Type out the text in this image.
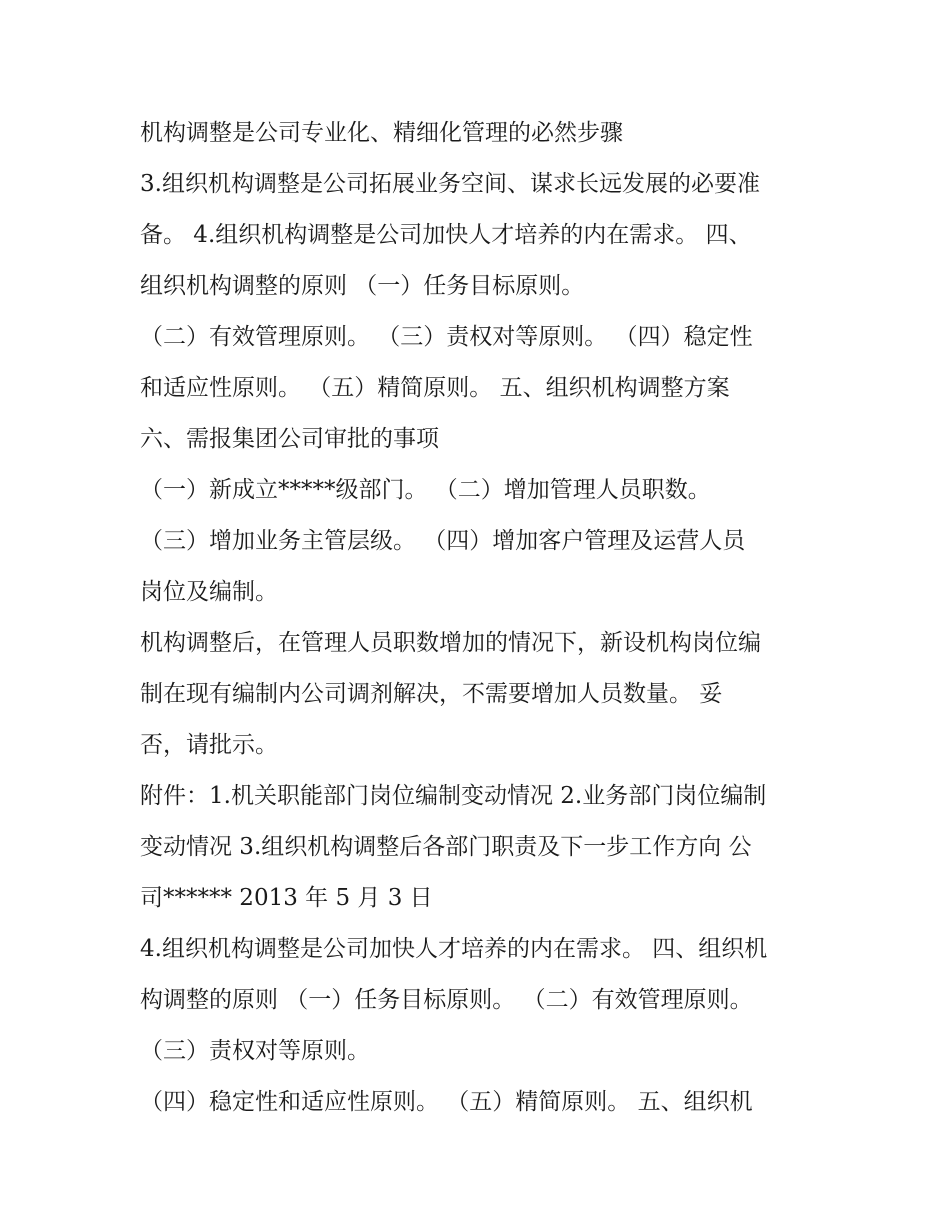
机构调整是公司专业化、精细化管理的必然步骤
3.组织机构调整是公司拓展业务空间、谋求长远发展的必要准
备。 4.组织机构调整是公司加快人才培养的内在需求。 四、
组织机构调整的原则 （一）任务目标原则。
（二）有效管理原则。 （三）责权对等原则。 （四）稳定性
和适应性原则。 （五）精简原则。 五、组织机构调整方案
六、需报集团公司审批的事项
（一）新成立*****级部门。 （二）增加管理人员职数。
（三）增加业务主管层级。 （四）增加客户管理及运营人员
岗位及编制。
机构调整后，在管理人员职数增加的情况下，新设机构岗位编
制在现有编制内公司调剂解决，不需要增加人员数量。 妥
否，请批示。
附件：1.机关职能部门岗位编制变动情况 2.业务部门岗位编制
变动情况 3.组织机构调整后各部门职责及下一步工作方向 公
司****** 2013 年 5 月 3 日
4.组织机构调整是公司加快人才培养的内在需求。 四、组织机
构调整的原则 （一）任务目标原则。 （二）有效管理原则。
（三）责权对等原则。
（四）稳定性和适应性原则。 （五）精简原则。 五、组织机
